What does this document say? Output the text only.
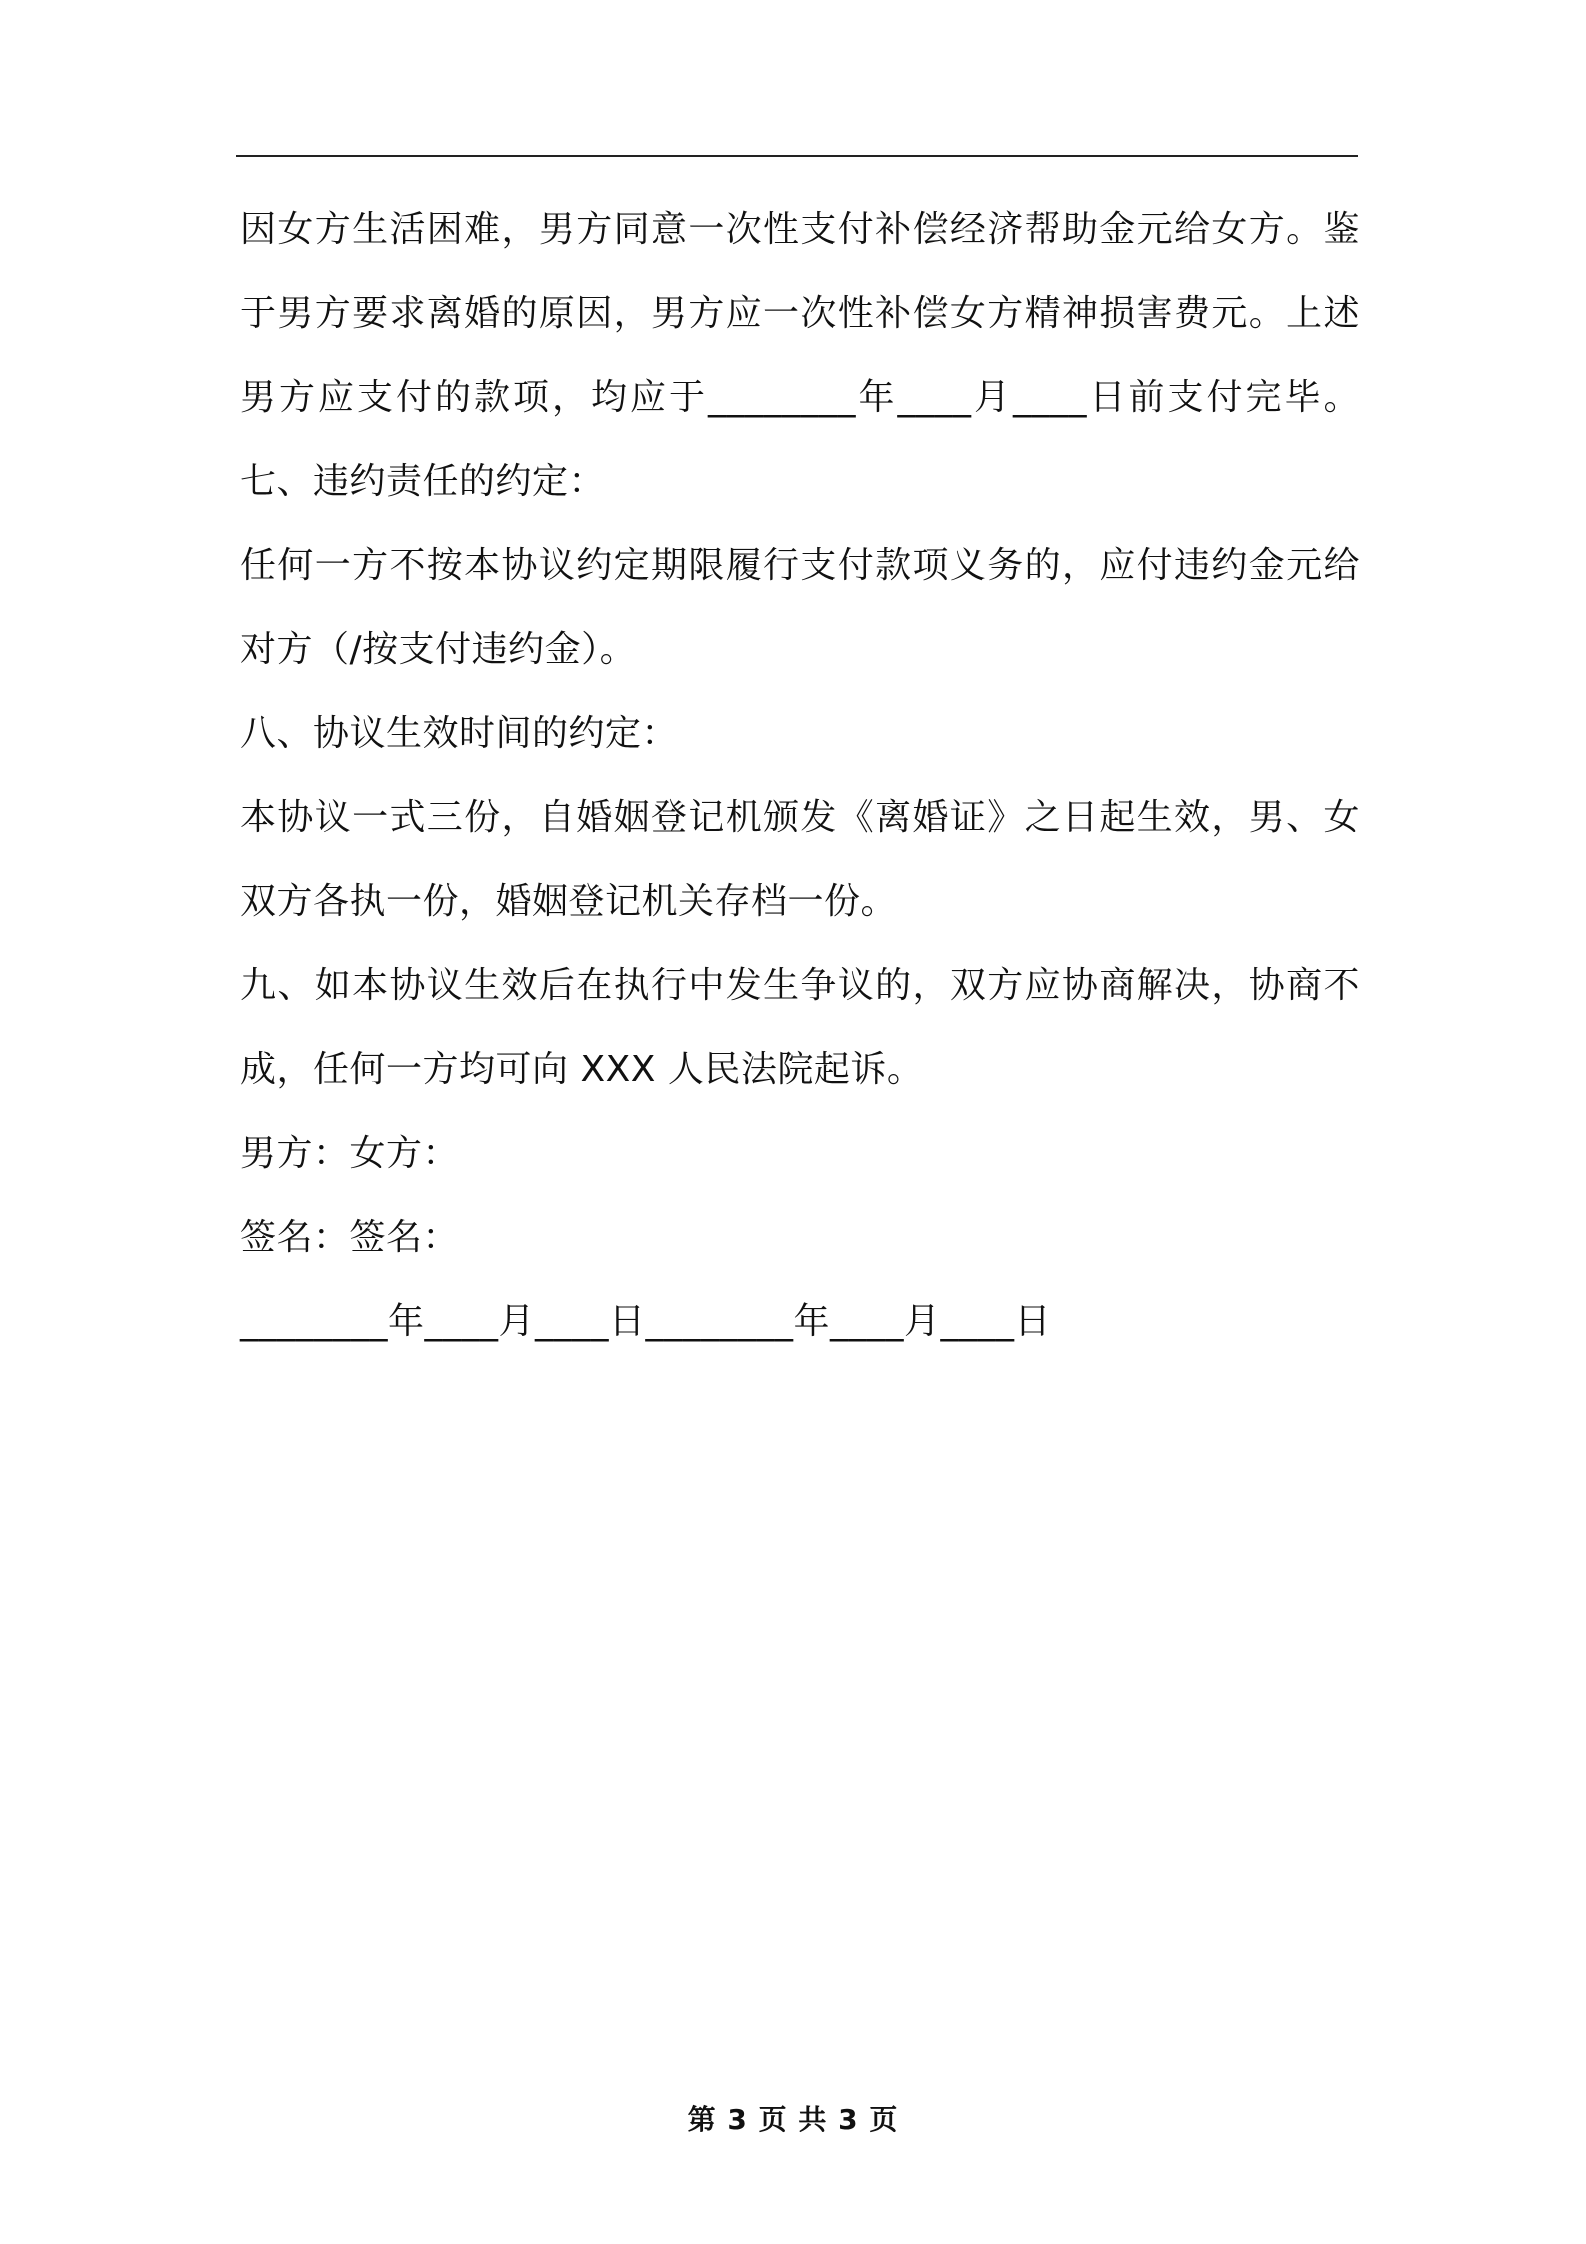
因女方生活困难，男方同意一次性支付补偿经济帮助金元给女方。鉴
于男方要求离婚的原因，男方应一次性补偿女方精神损害费元。上述
男方应支付的款项，均应于________年____月____日前支付完毕。
七、违约责任的约定：
任何一方不按本协议约定期限履行支付款项义务的，应付违约金元给
对方（/按支付违约金）。
八、协议生效时间的约定：
本协议一式三份，自婚姻登记机颁发《离婚证》之日起生效，男、女
双方各执一份，婚姻登记机关存档一份。
九、如本协议生效后在执行中发生争议的，双方应协商解决，协商不
成，任何一方均可向 XXX 人民法院起诉。
男方：女方：
签名：签名：
________年____月____日________年____月____日
第 3 页 共 3 页
